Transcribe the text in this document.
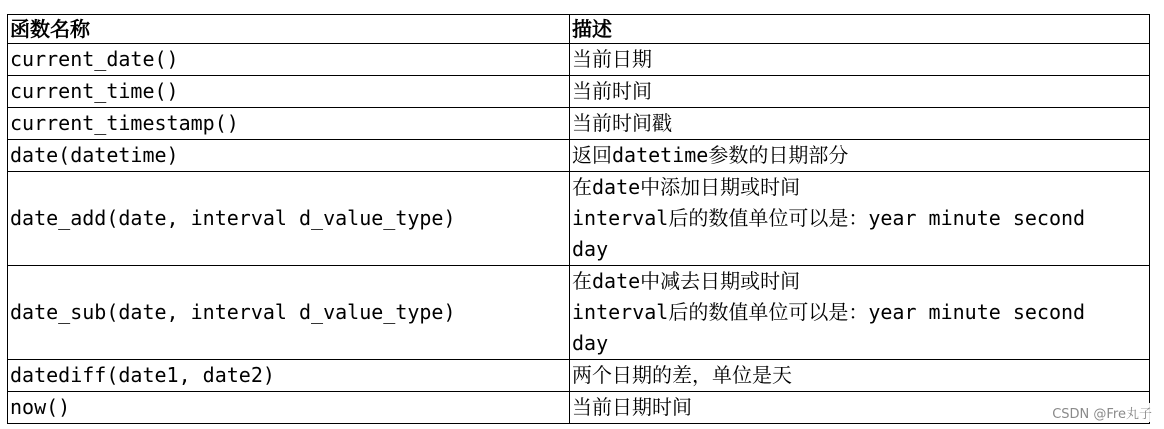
函数名称	描述
current_date()	当前日期
current_time()	当前时间
current_timestamp()	当前时间戳
date(datetime)	返回datetime参数的日期部分
date_add(date, interval d_value_type)	在date中添加日期或时间
interval后的数值单位可以是：year minute second
day

date_sub(date, interval d_value_type)	在date中减去日期或时间
interval后的数值单位可以是：year minute second
day

datediff(date1, date2)	两个日期的差，单位是天
now()	当前日期时间	CSDN @Fre丸子
